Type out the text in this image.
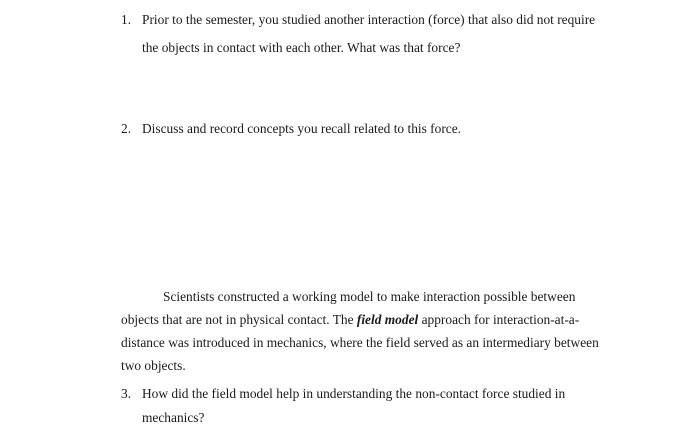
1. Prior to the semester, you studied another interaction (force) that also did not require
the objects in contact with each other. What was that force?
2. Discuss and record concepts you recall related to this force.
Scientists constructed a working model to make interaction possible between
objects that are not in physical contact. The field model approach for interaction-at-a-
distance was introduced in mechanics, where the field served as an intermediary between
two objects.
3. How did the field model help in understanding the non-contact force studied in
mechanics?
